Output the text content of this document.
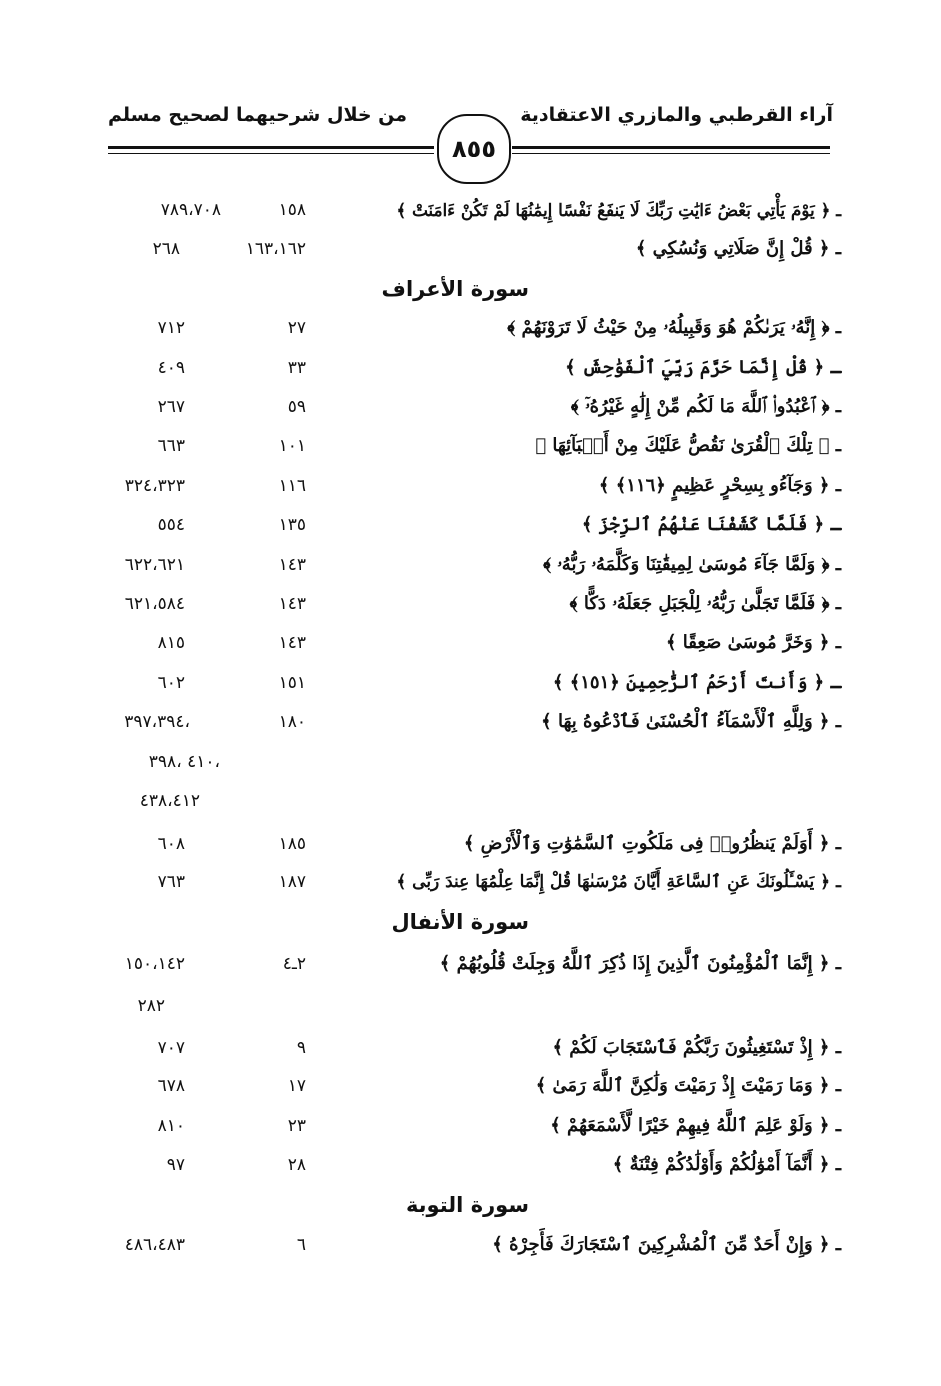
آراء القرطبي والمازري الاعتقادية
من خلال شرحيهما لصحيح مسلم
٨٥٥
ـ ﴿ يَوْمَ يَأْتِي بَعْضُ ءَايَٰتِ رَبِّكَ لَا يَنفَعُ نَفْسًا إِيمَٰنُهَا لَمْ تَكُنْ ءَامَنَتْ ﴾
١٥٨
٧٨٩،٧٠٨
ـ ﴿ قُلْ إِنَّ صَلَاتِي وَنُسُكِي ﴾
١٦٣،١٦٢
٢٦٨
سورة الأعراف
ـ ﴿ إِنَّهُۥ يَرَىٰكُمْ هُوَ وَقَبِيلُهُۥ مِنْ حَيْثُ لَا تَرَوْنَهُمْ ﴾
٢٧
٧١٢
ـ ﴿ قُلْ إِنَّمَا حَرَّمَ رَبِّيَ ٱلْفَوَٰحِشَ ﴾
٣٣
٤٠٩
ـ ﴿ ٱعْبُدُوا۟ ٱللَّهَ مَا لَكُم مِّنْ إِلَٰهٍ غَيْرُهُۥٓ ﴾
٥٩
٢٦٧
ـ ﴿ تِلْكَ ٱلْقُرَىٰ نَقُصُّ عَلَيْكَ مِنْ أَنۢبَآئِهَا ﴾
١٠١
٦٦٣
ـ ﴿ وَجَآءُو بِسِحْرٍ عَظِيمٍ ﴿١١٦﴾ ﴾
١١٦
٣٢٤،٣٢٣
ـ ﴿ فَلَمَّا كَشَفْنَا عَنْهُمُ ٱلرِّجْزَ ﴾
١٣٥
٥٥٤
ـ ﴿ وَلَمَّا جَآءَ مُوسَىٰ لِمِيقَٰتِنَا وَكَلَّمَهُۥ رَبُّهُۥ ﴾
١٤٣
٦٢٢،٦٢١
ـ ﴿ فَلَمَّا تَجَلَّىٰ رَبُّهُۥ لِلْجَبَلِ جَعَلَهُۥ دَكًّا ﴾
١٤٣
٦٢١،٥٨٤
ـ ﴿ وَخَرَّ مُوسَىٰ صَعِقًا ﴾
١٤٣
٨١٥
ـ ﴿ وَأَنتَ أَرْحَمُ ٱلرَّٰحِمِينَ ﴿١٥١﴾ ﴾
١٥١
٦٠٢
ـ ﴿ وَلِلَّهِ ٱلْأَسْمَآءُ ٱلْحُسْنَىٰ فَٱدْعُوهُ بِهَا ﴾
١٨٠
،٣٩٧،٣٩٤
،٤١٠ ،٣٩٨
٤٣٨،٤١٢
ـ ﴿ أَوَلَمْ يَنظُرُوا۟ فِى مَلَكُوتِ ٱلسَّمَٰوَٰتِ وَٱلْأَرْضِ ﴾
١٨٥
٦٠٨
ـ ﴿ يَسْـَٔلُونَكَ عَنِ ٱلسَّاعَةِ أَيَّانَ مُرْسَىٰهَا قُلْ إِنَّمَا عِلْمُهَا عِندَ رَبِّى ﴾
١٨٧
٧٦٣
سورة الأنفال
ـ ﴿ إِنَّمَا ٱلْمُؤْمِنُونَ ٱلَّذِينَ إِذَا ذُكِرَ ٱللَّهُ وَجِلَتْ قُلُوبُهُمْ ﴾
٢ـ٤
١٥٠،١٤٢
٢٨٢
ـ ﴿ إِذْ تَسْتَغِيثُونَ رَبَّكُمْ فَٱسْتَجَابَ لَكُمْ ﴾
٩
٧٠٧
ـ ﴿ وَمَا رَمَيْتَ إِذْ رَمَيْتَ وَلَٰكِنَّ ٱللَّهَ رَمَىٰ ﴾
١٧
٦٧٨
ـ ﴿ وَلَوْ عَلِمَ ٱللَّهُ فِيهِمْ خَيْرًا لَّأَسْمَعَهُمْ ﴾
٢٣
٨١٠
ـ ﴿ أَنَّمَآ أَمْوَٰلُكُمْ وَأَوْلَٰدُكُمْ فِتْنَةٌ ﴾
٢٨
٩٧
سورة التوبة
ـ ﴿ وَإِنْ أَحَدٌ مِّنَ ٱلْمُشْرِكِينَ ٱسْتَجَارَكَ فَأَجِرْهُ ﴾
٦
٤٨٦،٤٨٣
